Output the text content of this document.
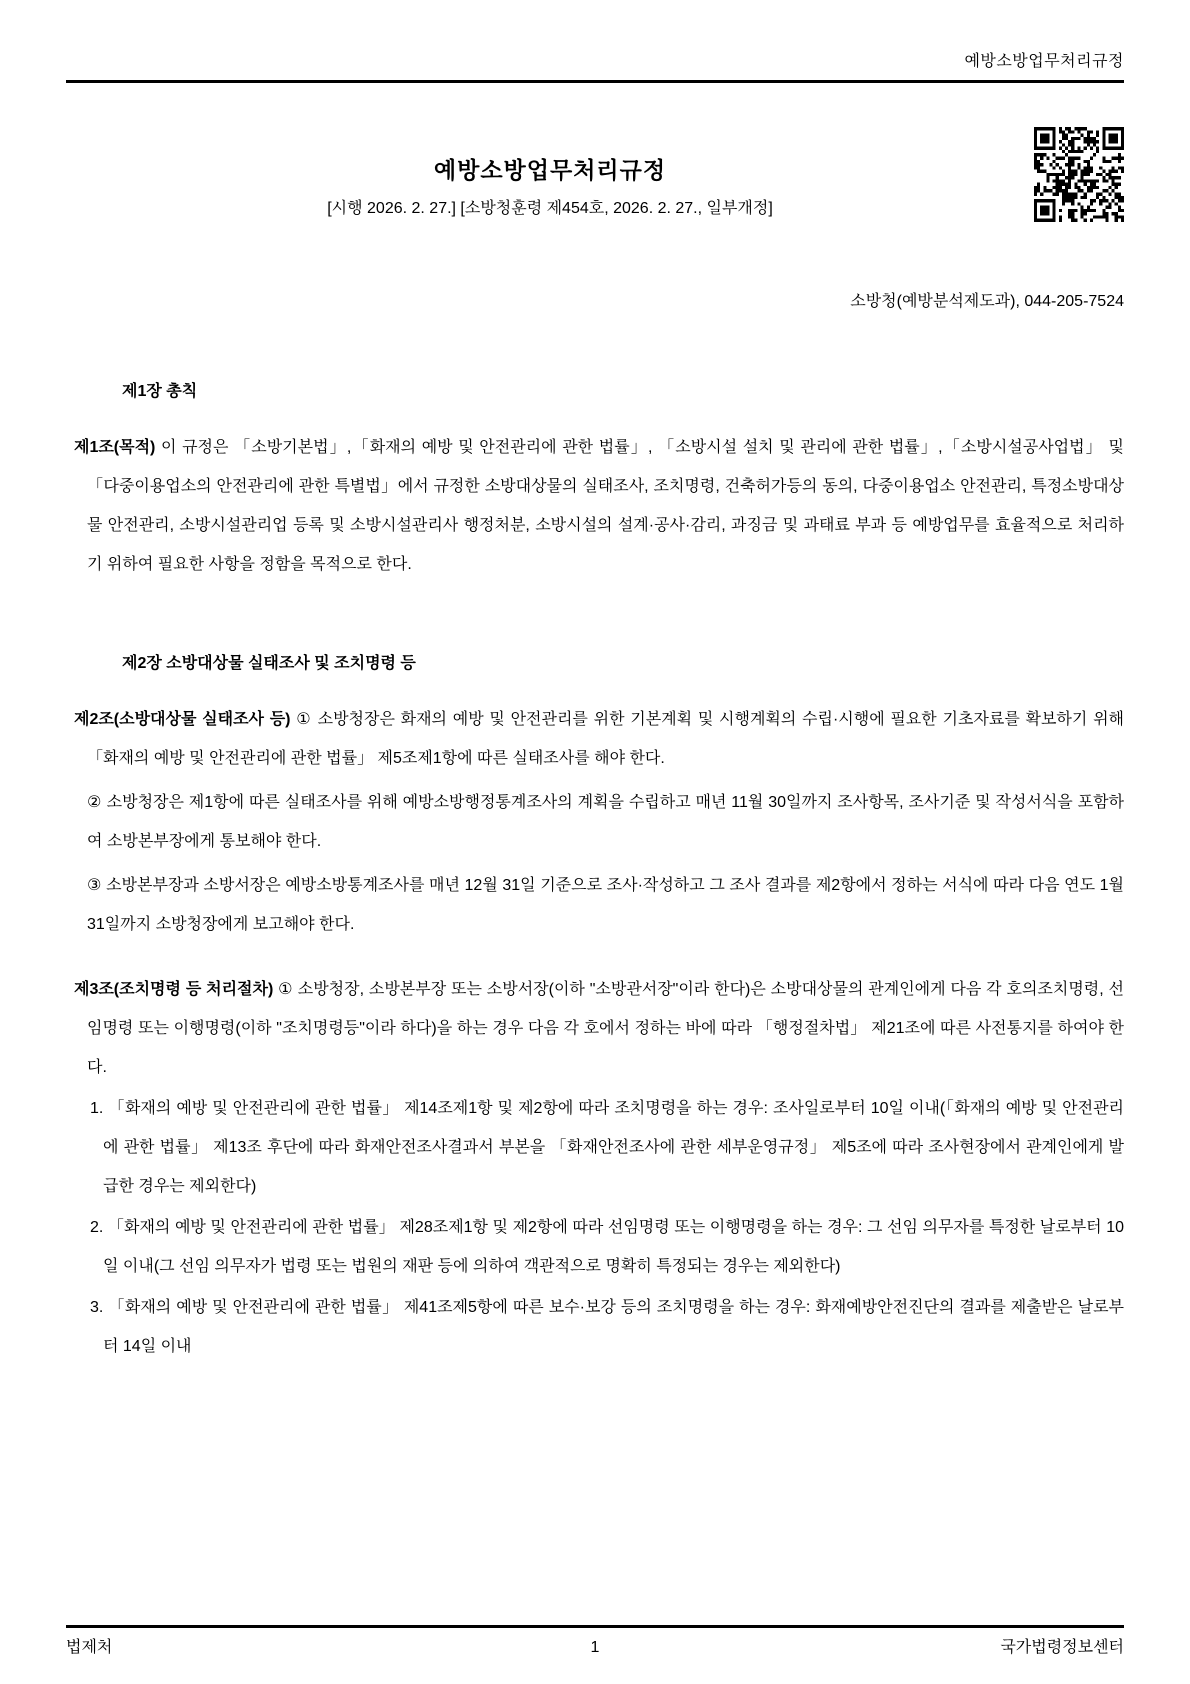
예방소방업무처리규정
예방소방업무처리규정

[시행 2026. 2. 27.] [소방청훈령 제454호, 2026. 2. 27., 일부개정]

소방청(예방분석제도과), 044-205-7524

제1장 총칙

제1조(목적) 이 규정은 「소방기본법」,「화재의 예방 및 안전관리에 관한 법률」, 「소방시설 설치 및 관리에 관한 법률」,「소방시설공사업법」 및 「다중이용업소의 안전관리에 관한 특별법」에서 규정한 소방대상물의 실태조사, 조치명령, 건축허가등의 동의, 다중이용업소 안전관리, 특정소방대상물 안전관리, 소방시설관리업 등록 및 소방시설관리사 행정처분, 소방시설의 설계·공사·감리, 과징금 및 과태료 부과 등 예방업무를 효율적으로 처리하기 위하여 필요한 사항을 정함을 목적으로 한다.

제2장 소방대상물 실태조사 및 조치명령 등

제2조(소방대상물 실태조사 등) ① 소방청장은 화재의 예방 및 안전관리를 위한 기본계획 및 시행계획의 수립·시행에 필요한 기초자료를 확보하기 위해 「화재의 예방 및 안전관리에 관한 법률」 제5조제1항에 따른 실태조사를 해야 한다.

② 소방청장은 제1항에 따른 실태조사를 위해 예방소방행정통계조사의 계획을 수립하고 매년 11월 30일까지 조사항목, 조사기준 및 작성서식을 포함하여 소방본부장에게 통보해야 한다.

③ 소방본부장과 소방서장은 예방소방통계조사를 매년 12월 31일 기준으로 조사·작성하고 그 조사 결과를 제2항에서 정하는 서식에 따라 다음 연도 1월 31일까지 소방청장에게 보고해야 한다.

제3조(조치명령 등 처리절차) ① 소방청장, 소방본부장 또는 소방서장(이하 "소방관서장"이라 한다)은 소방대상물의 관계인에게 다음 각 호의조치명령, 선임명령 또는 이행명령(이하 "조치명령등"이라 하다)을 하는 경우 다음 각 호에서 정하는 바에 따라 「행정절차법」 제21조에 따른 사전통지를 하여야 한다.

1. 「화재의 예방 및 안전관리에 관한 법률」 제14조제1항 및 제2항에 따라 조치명령을 하는 경우: 조사일로부터 10일 이내(「화재의 예방 및 안전관리에 관한 법률」 제13조 후단에 따라 화재안전조사결과서 부본을 「화재안전조사에 관한 세부운영규정」 제5조에 따라 조사현장에서 관계인에게 발급한 경우는 제외한다)

2. 「화재의 예방 및 안전관리에 관한 법률」 제28조제1항 및 제2항에 따라 선임명령 또는 이행명령을 하는 경우: 그 선임 의무자를 특정한 날로부터 10일 이내(그 선임 의무자가 법령 또는 법원의 재판 등에 의하여 객관적으로 명확히 특정되는 경우는 제외한다)

3. 「화재의 예방 및 안전관리에 관한 법률」 제41조제5항에 따른 보수·보강 등의 조치명령을 하는 경우: 화재예방안전진단의 결과를 제출받은 날로부터 14일 이내

법제처	1	국가법령정보센터
